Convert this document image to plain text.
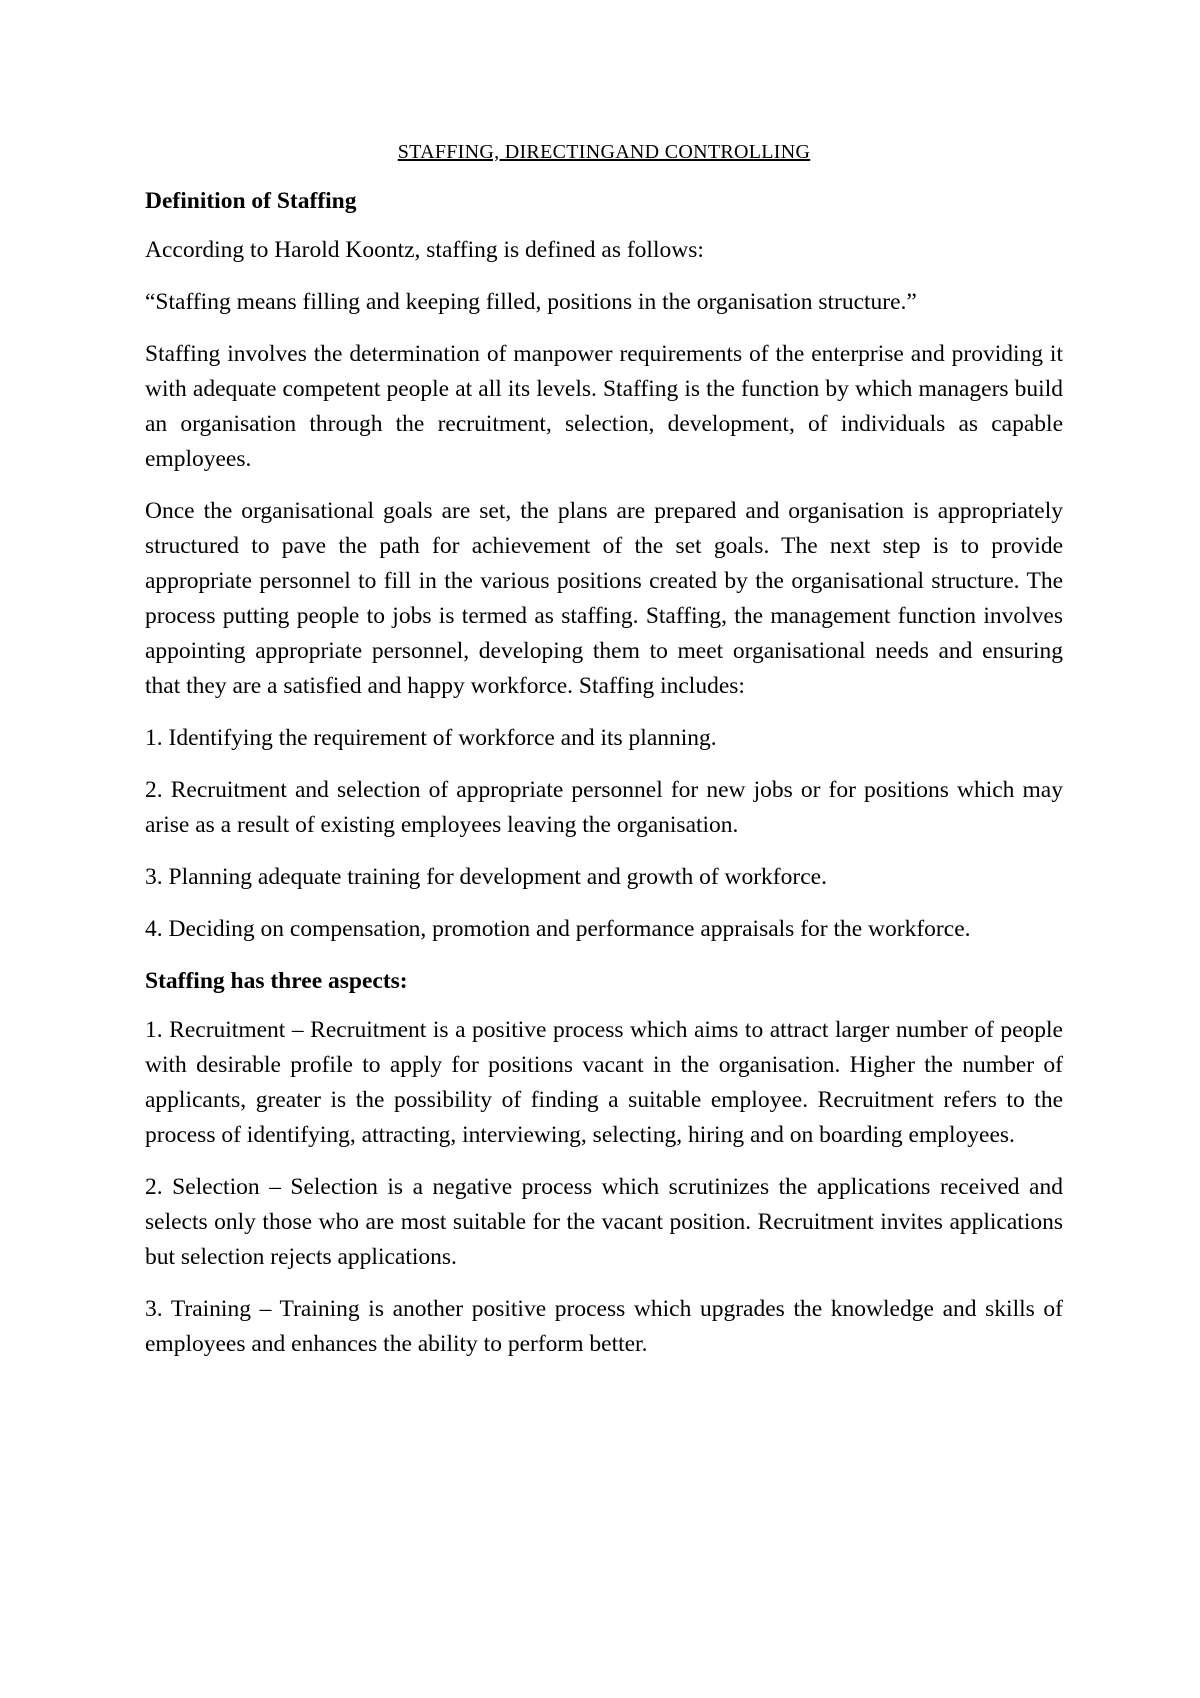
STAFFING, DIRECTINGAND CONTROLLING
Definition of Staffing

According to Harold Koontz, staffing is defined as follows:

“Staffing means filling and keeping filled, positions in the organisation structure.”

Staffing involves the determination of manpower requirements of the enterprise and providing it with adequate competent people at all its levels. Staffing is the function by which managers build an organisation through the recruitment, selection, development, of individuals as capable employees.

Once the organisational goals are set, the plans are prepared and organisation is appropriately structured to pave the path for achievement of the set goals. The next step is to provide appropriate personnel to fill in the various positions created by the organisational structure. The process putting people to jobs is termed as staffing. Staffing, the management function involves appointing appropriate personnel, developing them to meet organisational needs and ensuring that they are a satisfied and happy workforce. Staffing includes:

1. Identifying the requirement of workforce and its planning.

2. Recruitment and selection of appropriate personnel for new jobs or for positions which may arise as a result of existing employees leaving the organisation.

3. Planning adequate training for development and growth of workforce.

4. Deciding on compensation, promotion and performance appraisals for the workforce.

Staffing has three aspects:

1. Recruitment – Recruitment is a positive process which aims to attract larger number of people with desirable profile to apply for positions vacant in the organisation. Higher the number of applicants, greater is the possibility of finding a suitable employee. Recruitment refers to the process of identifying, attracting, interviewing, selecting, hiring and on boarding employees.

2. Selection – Selection is a negative process which scrutinizes the applications received and selects only those who are most suitable for the vacant position. Recruitment invites applications but selection rejects applications.

3. Training – Training is another positive process which upgrades the knowledge and skills of employees and enhances the ability to perform better.
